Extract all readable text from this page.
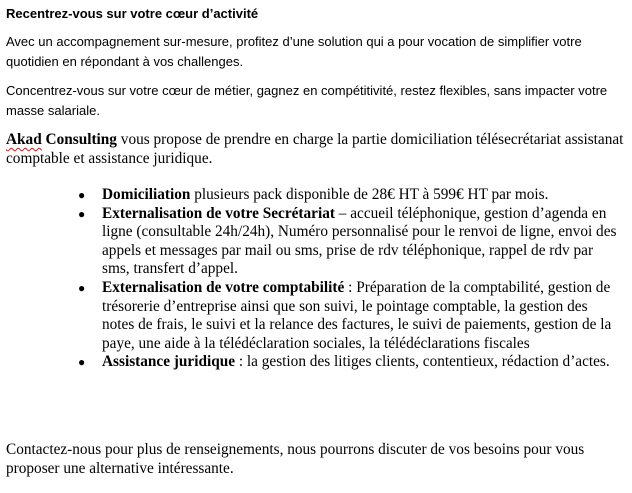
Recentrez-vous sur votre cœur d’activité

Avec un accompagnement sur-mesure, profitez d’une solution qui a pour vocation de simplifier votre quotidien en répondant à vos challenges.

Concentrez-vous sur votre cœur de métier, gagnez en compétitivité, restez flexibles, sans impacter votre masse salariale.

Akad Consulting vous propose de prendre en charge la partie domiciliation télésecrétariat assistanat comptable et assistance juridique.

●	Domiciliation plusieurs pack disponible de 28€ HT à 599€ HT par mois.
●	Externalisation de votre Secrétariat – accueil téléphonique, gestion d’agenda en ligne (consultable 24h/24h), Numéro personnalisé pour le renvoi de ligne, envoi des appels et messages par mail ou sms, prise de rdv téléphonique, rappel de rdv par sms, transfert d’appel.
●	Externalisation de votre comptabilité : Préparation de la comptabilité, gestion de trésorerie d’entreprise ainsi que son suivi, le pointage comptable, la gestion des notes de frais, le suivi et la relance des factures, le suivi de paiements, gestion de la paye, une aide à la télédéclaration sociales, la télédéclarations fiscales
●	Assistance juridique : la gestion des litiges clients, contentieux, rédaction d’actes.

Contactez-nous pour plus de renseignements, nous pourrons discuter de vos besoins pour vous proposer une alternative intéressante.
